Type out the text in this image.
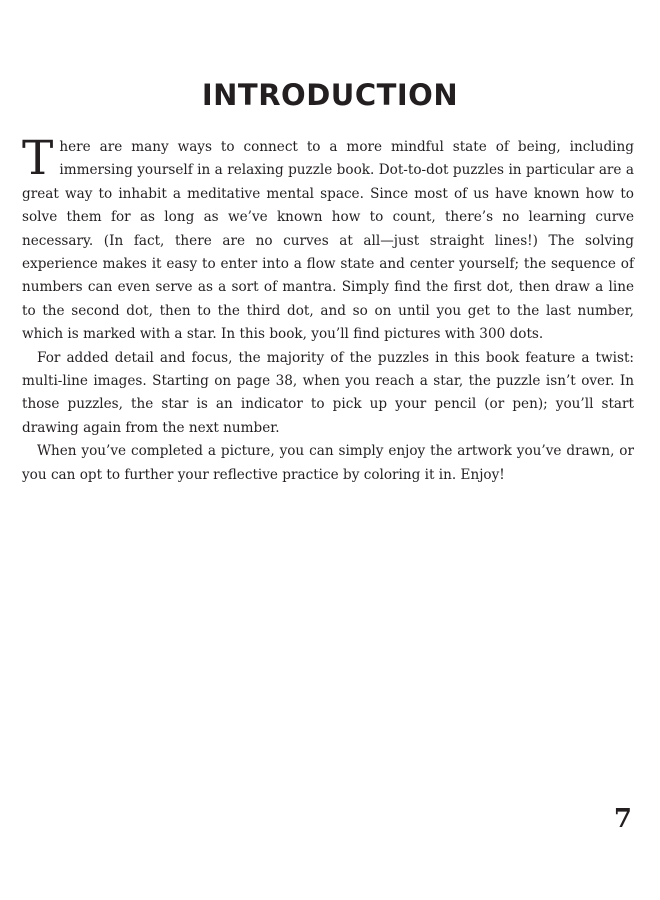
INTRODUCTION

There are many ways to connect to a more mindful state of being, including immersing yourself in a relaxing puzzle book. Dot-to-dot puzzles in particular are a great way to inhabit a meditative mental space. Since most of us have known how to solve them for as long as we’ve known how to count, there’s no learning curve necessary. (In fact, there are no curves at all—just straight lines!) The solving experience makes it easy to enter into a flow state and center yourself; the sequence of numbers can even serve as a sort of mantra. Simply find the first dot, then draw a line to the second dot, then to the third dot, and so on until you get to the last number, which is marked with a star. In this book, you’ll find pictures with 300 dots.

For added detail and focus, the majority of the puzzles in this book feature a twist: multi-line images. Starting on page 38, when you reach a star, the puzzle isn’t over. In those puzzles, the star is an indicator to pick up your pencil (or pen); you’ll start drawing again from the next number.

When you’ve completed a picture, you can simply enjoy the artwork you’ve drawn, or you can opt to further your reflective practice by coloring it in. Enjoy!

7
